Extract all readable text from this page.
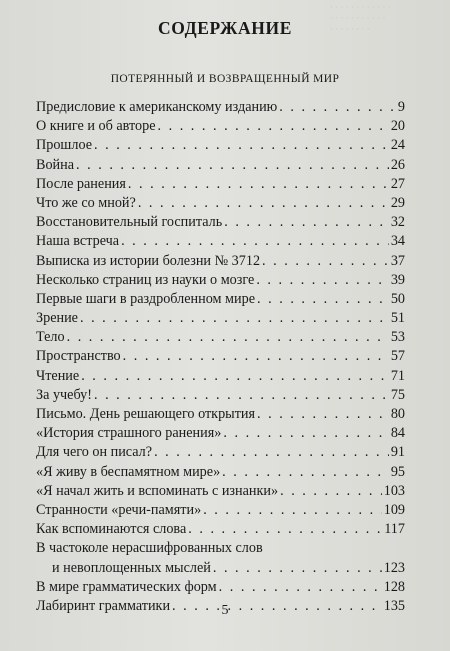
· · · · · · · · · · · ·
· · · · · · · · · · ·
· · · · · · · ·
СОДЕРЖАНИЕ
ПОТЕРЯННЫЙ И ВОЗВРАЩЕННЫЙ МИР
Предисловие к американскому изданию . . .	9
О книге и об авторе . . .	20
Прошлое . . .	24
Война . . .	26
После ранения . . .	27
Что же со мной? . . .	29
Восстановительный госпиталь . . .	32
Наша встреча . . .	34
Выписка из истории болезни № 3712 . . .	37
Несколько страниц из науки о мозге . . .	39
Первые шаги в раздробленном мире . . .	50
Зрение . . .	51
Тело . . .	53
Пространство . . .	57
Чтение . . .	71
За учебу! . . .	75
Письмо. День решающего открытия . . .	80
«История страшного ранения» . . .	84
Для чего он писал? . . .	91
«Я живу в беспамятном мире» . . .	95
«Я начал жить и вспоминать с изнанки» . . .	103
Странности «речи-памяти» . . .	109
Как вспоминаются слова . . .	117
В частоколе нерасшифрованных слов
и невоплощенных мыслей . . .	123
В мире грамматических форм . . .	128
Лабиринт грамматики . . .	135
5
